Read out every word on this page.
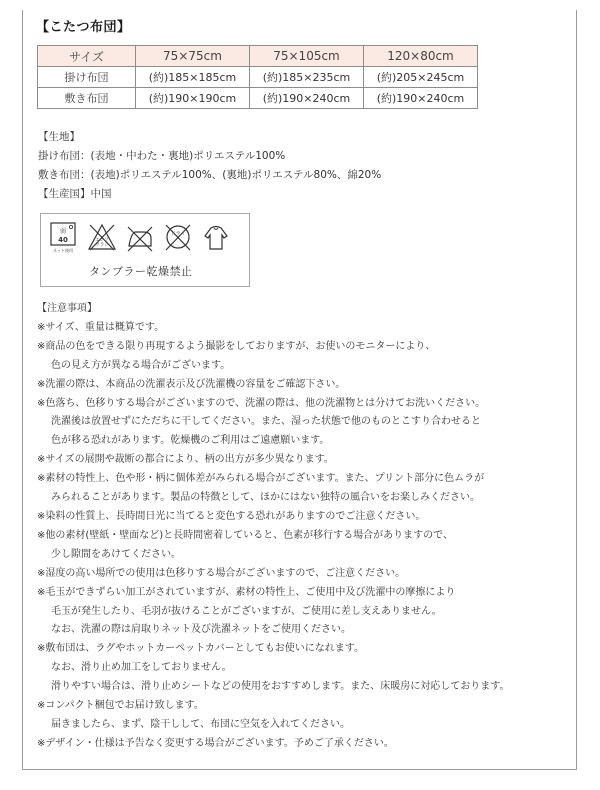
【こたつ布団】
サイズ	75×75cm	75×105cm	120×80cm
掛け布団	(約)185×185cm	(約)185×235cm	(約)205×245cm
敷き布団	(約)190×190cm	(約)190×240cm	(約)190×240cm
【生地】
掛け布団：(表地・中わた・裏地)ポリエステル100%
敷き布団：(表地)ポリエステル100%、(裏地)ポリエステル80%、綿20%
【生産国】中国
弱
40
ネット使用
エンソ
サラシ
ドライ
タンブラー乾燥禁止
【注意事項】
※サイズ、重量は概算です。
※商品の色をできる限り再現するよう撮影をしておりますが、お使いのモニターにより、
色の見え方が異なる場合がございます。
※洗濯の際は、本商品の洗濯表示及び洗濯機の容量をご確認下さい。
※色落ち、色移りする場合がございますので、洗濯の際は、他の洗濯物とは分けてお洗いください。
洗濯後は放置せずにただちに干してください。また、湿った状態で他のものとこすり合わせると
色が移る恐れがあります。乾燥機のご利用はご遠慮願います。
※サイズの展開や裁断の都合により、柄の出方が多少異なります。
※素材の特性上、色や形・柄に個体差がみられる場合がございます。また、プリント部分に色ムラが
みられることがあります。製品の特徴として、ほかにはない独特の風合いをお楽しみください。
※染料の性質上、長時間日光に当てると変色する恐れがありますのでご注意ください。
※他の素材(壁紙・壁面など)と長時間密着していると、色素が移行する場合がありますので、
少し隙間をあけてください。
※湿度の高い場所での使用は色移りする場合がございますので、ご注意ください。
※毛玉ができずらい加工がされていますが、素材の特性上、ご使用中及び洗濯中の摩擦により
毛玉が発生したり、毛羽が抜けることがございますが、ご使用に差し支えありません。
なお、洗濯の際は肩取りネット及び洗濯ネットをご使用ください。
※敷布団は、ラグやホットカーペットカバーとしてもお使いになれます。
なお、滑り止め加工をしておりません。
滑りやすい場合は、滑り止めシートなどの使用をおすすめします。また、床暖房に対応しております。
※コンパクト梱包でお届け致します。
届きましたら、まず、陰干しして、布団に空気を入れてください。
※デザイン・仕様は予告なく変更する場合がございます。予めご了承ください。
